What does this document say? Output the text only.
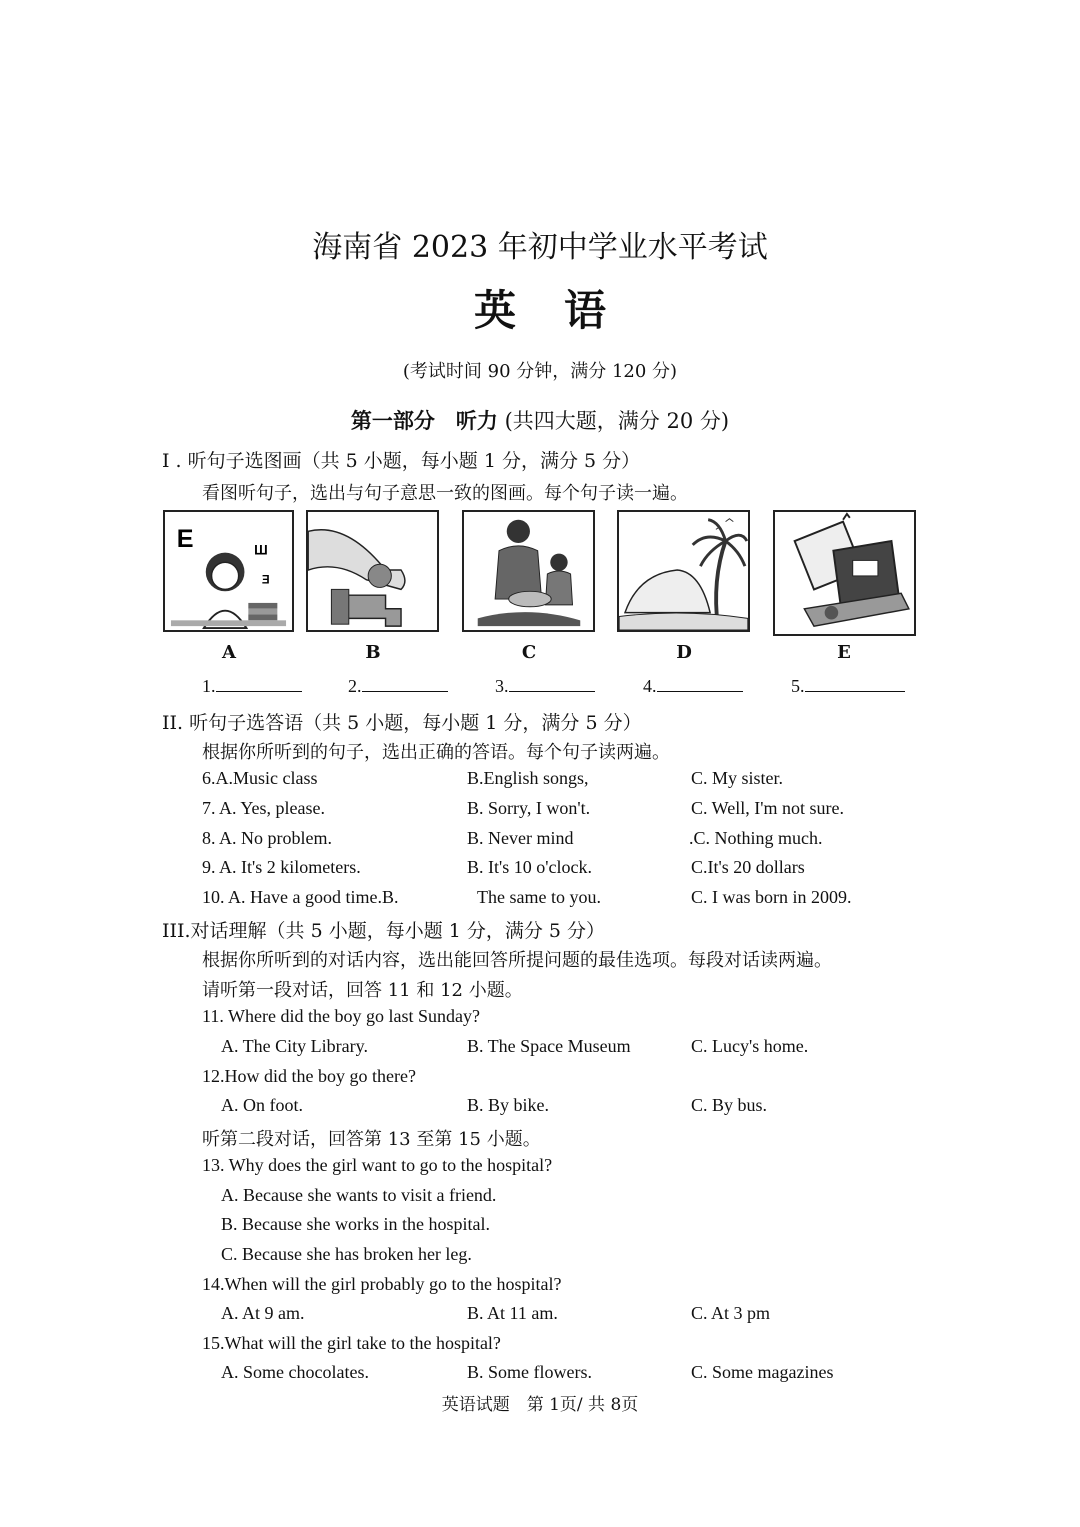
海南省 2023 年初中学业水平考试
英语
(考试时间 90 分钟，满分 120 分)
第一部分　听力 (共四大题，满分 20 分)
I . 听句子选图画（共 5 小题，每小题 1 分，满分 5 分）
看图听句子，选出与句子意思一致的图画。每个句子读一遍。
E	Ш
Ǝ
A	B	C	D	E
1.	2.	3.	4.	5.
II. 听句子选答语（共 5 小题，每小题 1 分，满分 5 分）
根据你所听到的句子，选出正确的答语。每个句子读两遍。
6.A.Music class	B.English songs,	C. My sister.
7. A. Yes, please.	B. Sorry, I won't.	C. Well, I'm not sure.
8. A. No problem.	B. Never mind	.C. Nothing much.
9. A. It's 2 kilometers.	B. It's 10 o'clock.	C.It's 20 dollars
10. A. Have a good time.B.	The same to you.	C. I was born in 2009.
III.对话理解（共 5 小题，每小题 1 分，满分 5 分）
根据你所听到的对话内容，选出能回答所提问题的最佳选项。每段对话读两遍。
请听第一段对话，回答 11 和 12 小题。
11. Where did the boy go last Sunday?
A. The City Library.	B. The Space Museum	C. Lucy's home.
12.How did the boy go there?
A. On foot.	B. By bike.	C. By bus.
听第二段对话，回答第 13 至第 15 小题。
13. Why does the girl want to go to the hospital?
A. Because she wants to visit a friend.
B. Because she works in the hospital.
C. Because she has broken her leg.
14.When will the girl probably go to the hospital?
A. At 9 am.	B. At 11 am.	C. At 3 pm
15.What will the girl take to the hospital?
A. Some chocolates.	B. Some flowers.	C. Some magazines
英语试题　第 1页/ 共 8页
